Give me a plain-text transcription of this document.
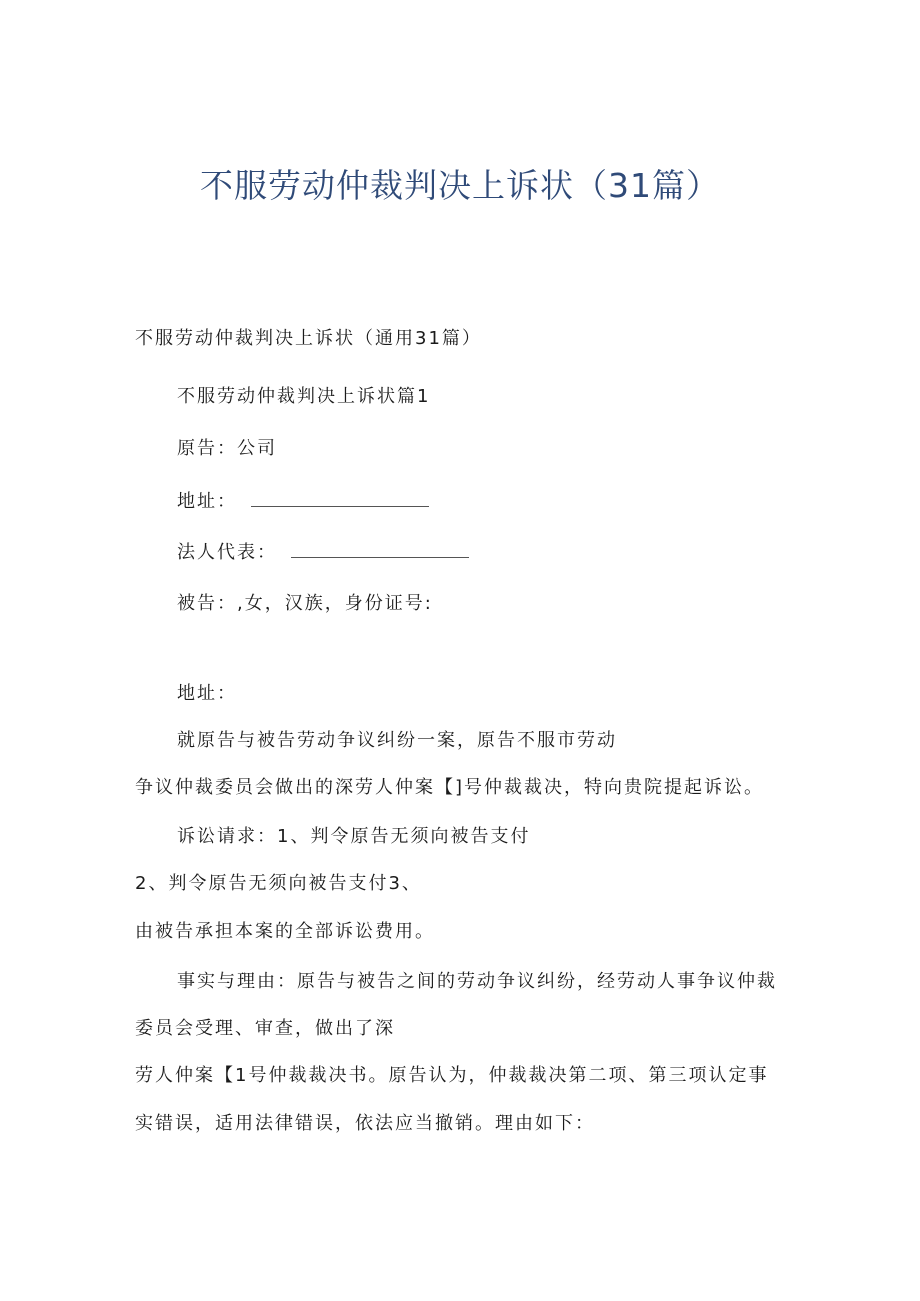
不服劳动仲裁判决上诉状（31篇）
不服劳动仲裁判决上诉状（通用31篇）
不服劳动仲裁判决上诉状篇1
原告：公司
地址：
法人代表：
被告：,女，汉族，身份证号:
地址：
就原告与被告劳动争议纠纷一案，原告不服市劳动
争议仲裁委员会做出的深劳人仲案【]号仲裁裁决，特向贵院提起诉讼。
诉讼请求：1、判令原告无须向被告支付
2、判令原告无须向被告支付3、
由被告承担本案的全部诉讼费用。
事实与理由：原告与被告之间的劳动争议纠纷，经劳动人事争议仲裁
委员会受理、审查，做出了深
劳人仲案【1号仲裁裁决书。原告认为，仲裁裁决第二项、第三项认定事
实错误，适用法律错误，依法应当撤销。理由如下：
